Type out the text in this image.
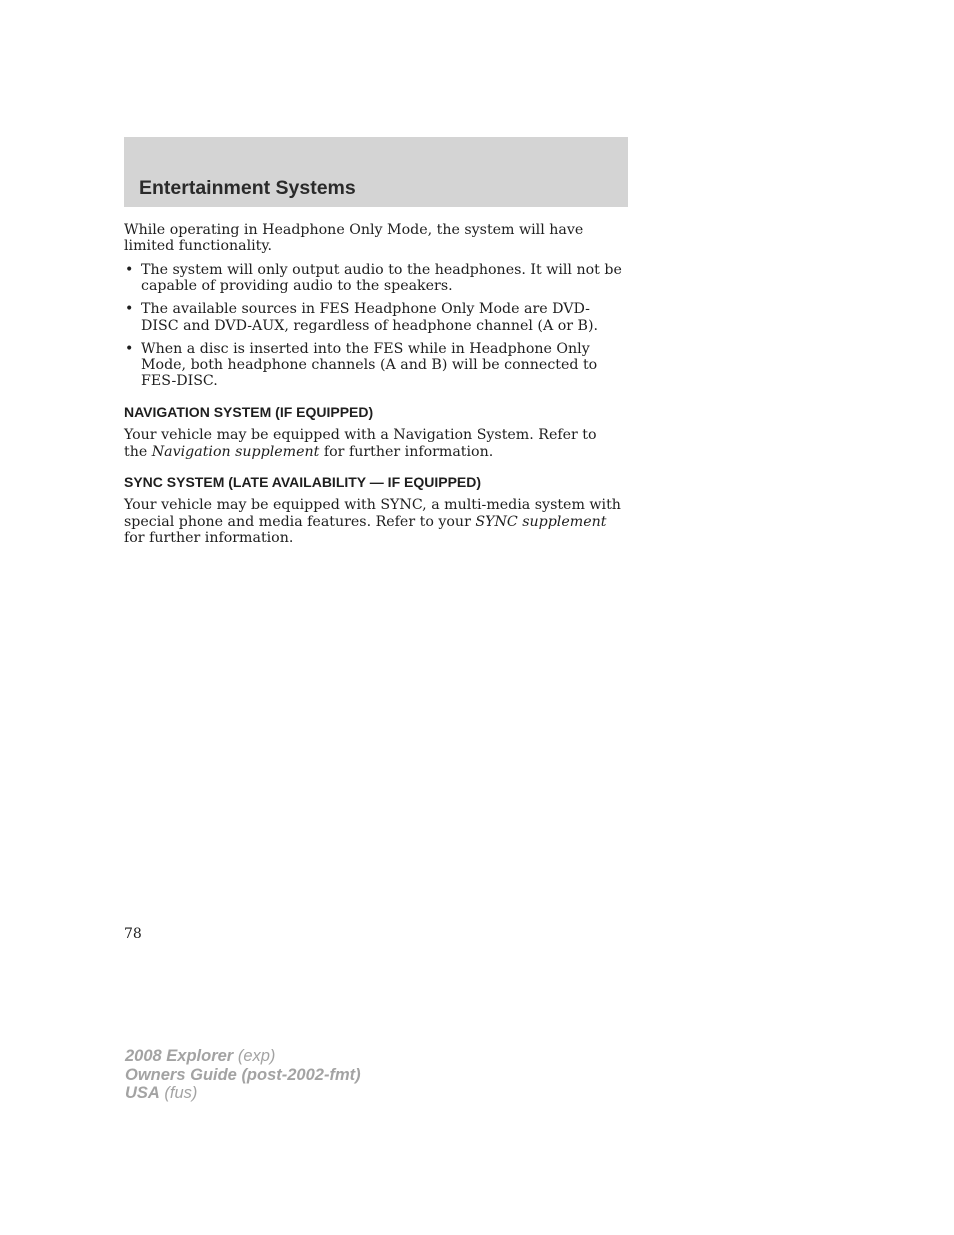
Entertainment Systems

While operating in Headphone Only Mode, the system will have limited functionality.

• The system will only output audio to the headphones. It will not be capable of providing audio to the speakers.
• The available sources in FES Headphone Only Mode are DVD-DISC and DVD-AUX, regardless of headphone channel (A or B).
• When a disc is inserted into the FES while in Headphone Only Mode, both headphone channels (A and B) will be connected to FES-DISC.
NAVIGATION SYSTEM (IF EQUIPPED)

Your vehicle may be equipped with a Navigation System. Refer to the Navigation supplement for further information.

SYNC SYSTEM (LATE AVAILABILITY — IF EQUIPPED)

Your vehicle may be equipped with SYNC, a multi-media system with special phone and media features. Refer to your SYNC supplement for further information.

78
2008 Explorer (exp)
Owners Guide (post-2002-fmt)
USA (fus)
